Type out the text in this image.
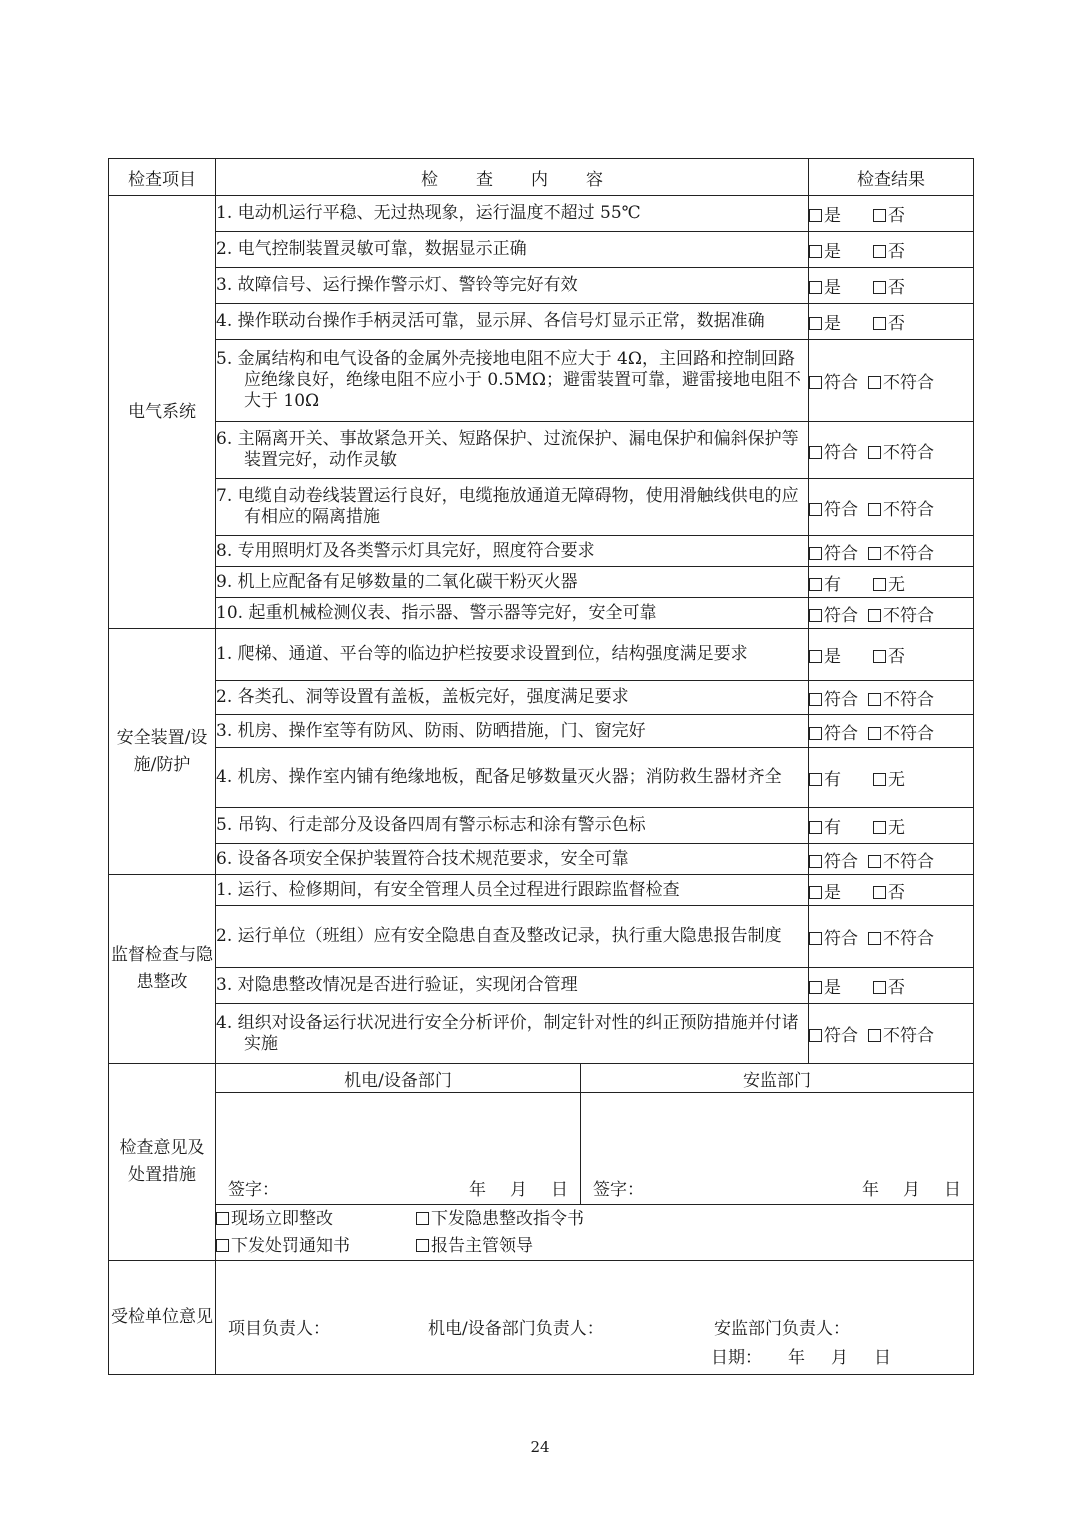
检查项目	检查内容		检查结果
电气系统	1. 电动机运行平稳、无过热现象，运行温度不超过 55℃		是 否

	2. 电气控制装置灵敏可靠，数据显示正确		是 否

	3. 故障信号、运行操作警示灯、警铃等完好有效		是 否

	4. 操作联动台操作手柄灵活可靠，显示屏、各信号灯显示正常，数据准确		是 否

	5. 金属结构和电气设备的金属外壳接地电阻不应大于 4Ω，主回路和控制回路应绝缘良好，绝缘电阻不应小于 0.5MΩ；避雷装置可靠，避雷接地电阻不大于 10Ω		符合 不符合

	6. 主隔离开关、事故紧急开关、短路保护、过流保护、漏电保护和偏斜保护等装置完好，动作灵敏		符合 不符合

	7. 电缆自动卷线装置运行良好，电缆拖放通道无障碍物，使用滑触线供电的应有相应的隔离措施		符合 不符合

	8. 专用照明灯及各类警示灯具完好，照度符合要求		符合 不符合

	9. 机上应配备有足够数量的二氧化碳干粉灭火器		有 无

	10. 起重机械检测仪表、指示器、警示器等完好，安全可靠		符合 不符合
安全装置/设施/防护	1. 爬梯、通道、平台等的临边护栏按要求设置到位，结构强度满足要求		是 否

	2. 各类孔、洞等设置有盖板，盖板完好，强度满足要求		符合 不符合

	3. 机房、操作室等有防风、防雨、防晒措施，门、窗完好		符合 不符合

	4. 机房、操作室内铺有绝缘地板，配备足够数量灭火器；消防救生器材齐全		有 无

	5. 吊钩、行走部分及设备四周有警示标志和涂有警示色标		有 无

	6. 设备各项安全保护装置符合技术规范要求，安全可靠		符合 不符合
监督检查与隐患整改	1. 运行、检修期间，有安全管理人员全过程进行跟踪监督检查		是 否

	2. 运行单位（班组）应有安全隐患自查及整改记录，执行重大隐患报告制度		符合 不符合

	3. 对隐患整改情况是否进行验证，实现闭合管理		是 否

	4. 组织对设备运行状况进行安全分析评价，制定针对性的纠正预防措施并付诸实施		符合 不符合
检查意见及处置措施	机电/设备部门	安监部门	

	签字： 年 月 日	签字： 年 月 日	

	现场立即整改 下发隐患整改指令书
下发处罚通知书 报告主管领导		

受检单位意见	项目负责人： 机电/设备部门负责人： 安监部门负责人：
日期： 年 月 日		
24
